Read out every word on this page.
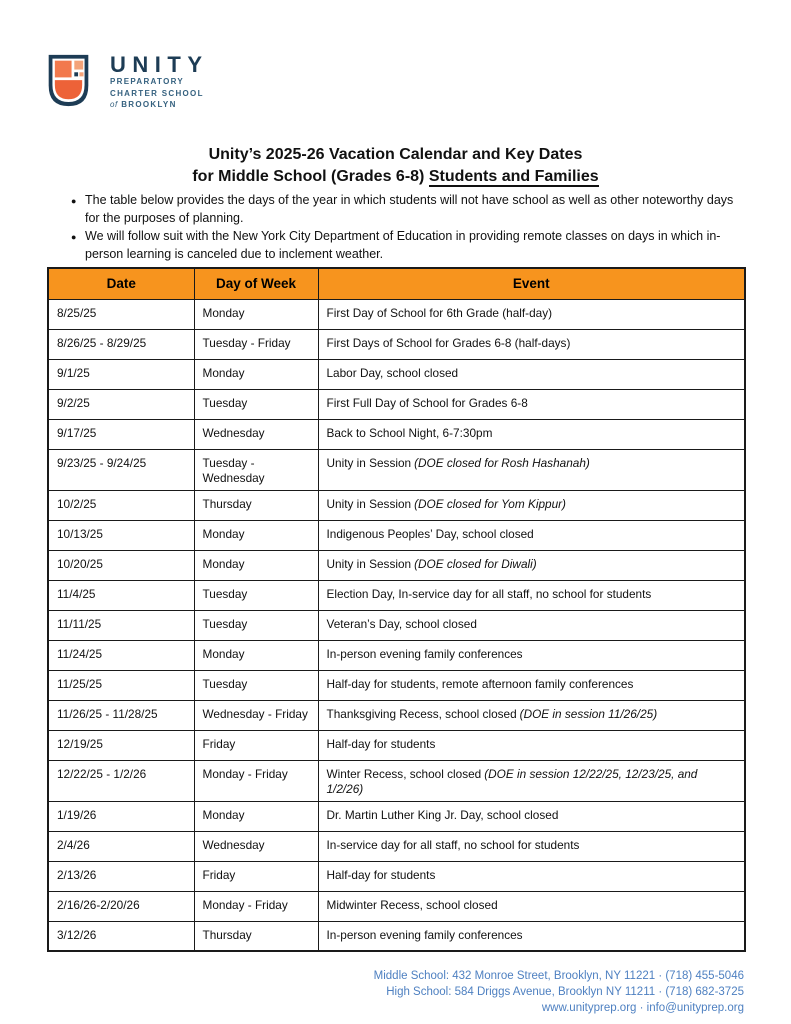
UNITY
PREPARATORY
CHARTER SCHOOL
of BROOKLYN
Unity’s 2025-26 Vacation Calendar and Key Dates
for Middle School (Grades 6-8) Students and Families
● The table below provides the days of the year in which students will not have school as well as other noteworthy days for the purposes of planning.
● We will follow suit with the New York City Department of Education in providing remote classes on days in which in-person learning is canceled due to inclement weather.
Date	Day of Week	Event
8/25/25	Monday	First Day of School for 6th Grade (half-day)
8/26/25 - 8/29/25	Tuesday - Friday	First Days of School for Grades 6-8 (half-days)
9/1/25	Monday	Labor Day, school closed
9/2/25	Tuesday	First Full Day of School for Grades 6-8
9/17/25	Wednesday	Back to School Night, 6-7:30pm
9/23/25 - 9/24/25	Tuesday - Wednesday	Unity in Session (DOE closed for Rosh Hashanah)
10/2/25	Thursday	Unity in Session (DOE closed for Yom Kippur)
10/13/25	Monday	Indigenous Peoples’ Day, school closed
10/20/25	Monday	Unity in Session (DOE closed for Diwali)
11/4/25	Tuesday	Election Day, In-service day for all staff, no school for students
11/11/25	Tuesday	Veteran’s Day, school closed
11/24/25	Monday	In-person evening family conferences
11/25/25	Tuesday	Half-day for students, remote afternoon family conferences
11/26/25 - 11/28/25	Wednesday - Friday	Thanksgiving Recess, school closed (DOE in session 11/26/25)
12/19/25	Friday	Half-day for students
12/22/25 - 1/2/26	Monday - Friday	Winter Recess, school closed (DOE in session 12/22/25, 12/23/25, and 1/2/26)
1/19/26	Monday	Dr. Martin Luther King Jr. Day, school closed
2/4/26	Wednesday	In-service day for all staff, no school for students
2/13/26	Friday	Half-day for students
2/16/26-2/20/26	Monday - Friday	Midwinter Recess, school closed
3/12/26	Thursday	In-person evening family conferences
Middle School: 432 Monroe Street, Brooklyn, NY 11221 · (718) 455-5046
High School: 584 Driggs Avenue, Brooklyn NY 11211 · (718) 682-3725
www.unityprep.org · info@unityprep.org
